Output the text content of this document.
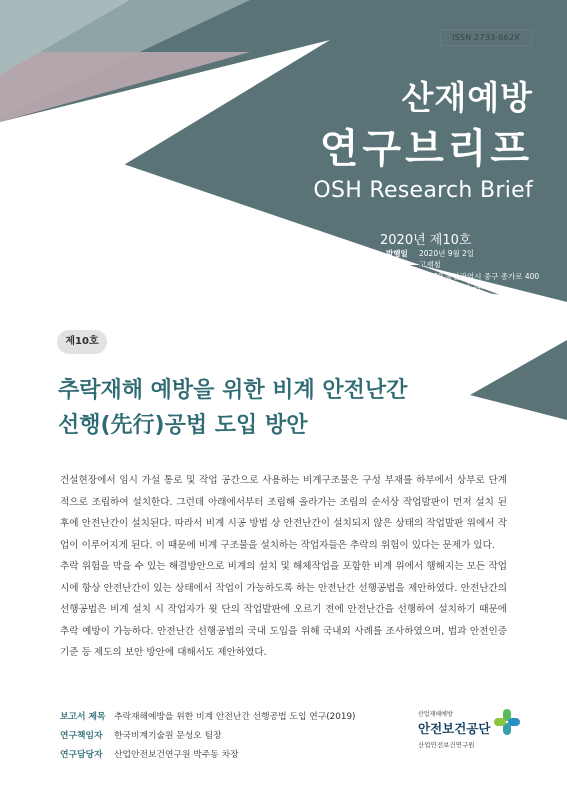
ISSN 2733-662X
산재예방
연구브리프
OSH Research Brief
2020년 제10호
발행일	2020년 9월 2일
발행인	고재철
주　소	44429 울산광역시 중구 종가로 400
산업안전보건연구원
자료문의 연구기획부 052-703-0813
발간번호 2020-산업안전보건연구원-526
제10호
추락재해 예방을 위한 비계 안전난간
선행(先行)공법 도입 방안

건설현장에서 임시 가설 통로 및 작업 공간으로 사용하는 비계구조물은 구성 부재를 하부에서 상부로 단계적으로 조립하여 설치한다. 그런데 아래에서부터 조립해 올라가는 조립의 순서상 작업발판이 먼저 설치 된 후에 안전난간이 설치된다. 따라서 비계 시공 방법 상 안전난간이 설치되지 않은 상태의 작업발판 위에서 작업이 이루어지게 된다. 이 때문에 비계 구조물을 설치하는 작업자들은 추락의 위험이 있다는 문제가 있다.

추락 위험을 막을 수 있는 해결방안으로 비계의 설치 및 해체작업을 포함한 비계 위에서 행해지는 모든 작업 시에 항상 안전난간이 있는 상태에서 작업이 가능하도록 하는 안전난간 선행공법을 제안하였다. 안전난간의 선행공법은 비계 설치 시 작업자가 윗 단의 작업발판에 오르기 전에 안전난간을 선행하여 설치하기 때문에 추락 예방이 가능하다. 안전난간 선행공법의 국내 도입을 위해 국내외 사례를 조사하였으며, 법과 안전인증기준 등 제도의 보안 방안에 대해서도 제안하였다.

보고서 제목 추락재해예방을 위한 비계 안전난간 선행공법 도입 연구(2019)
연구책임자	한국비계기술원 문성오 팀장
연구담당자	산업안전보건연구원 박주동 차장
산업재해예방
안전보건공단
산업안전보건연구원
